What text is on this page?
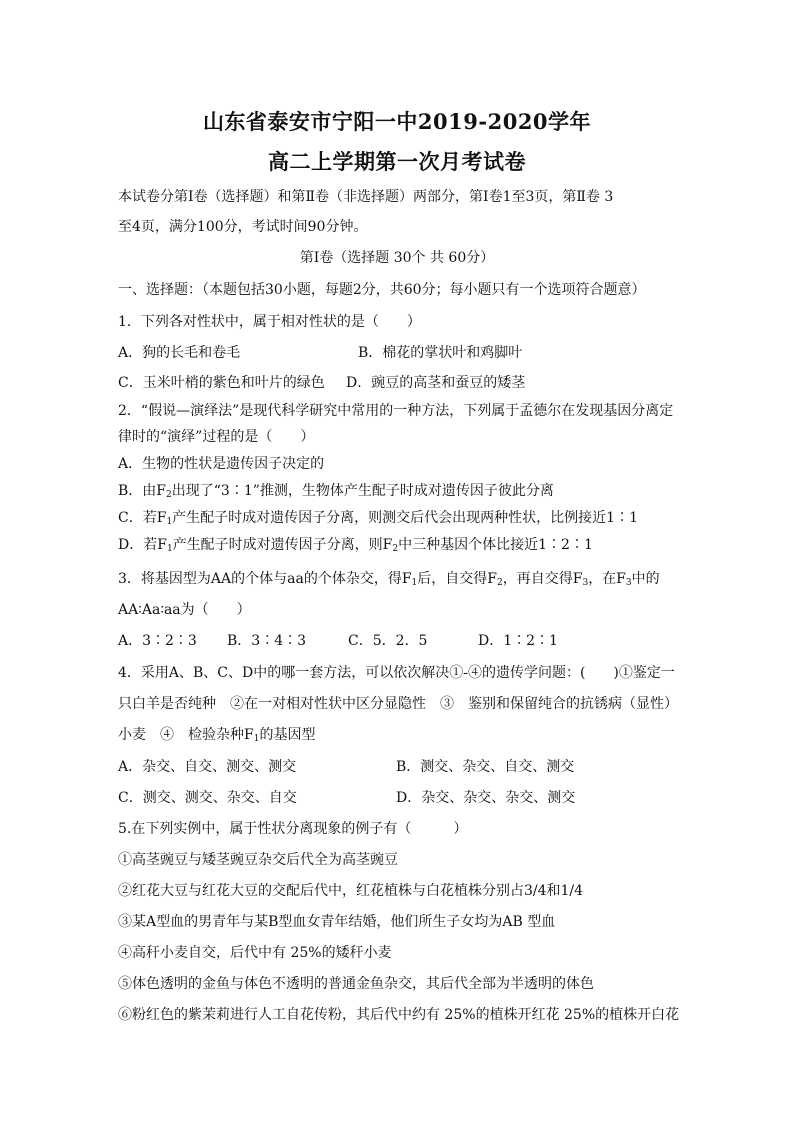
山东省泰安市宁阳一中2019-2020学年
高二上学期第一次月考试卷
本试卷分第Ⅰ卷（选择题）和第Ⅱ卷（非选择题）两部分，第Ⅰ卷1至3页，第Ⅱ卷 3
至4页，满分100分，考试时间90分钟。
第Ⅰ卷（选择题 30个 共 60分）
一、选择题：（本题包括30小题，每题2分，共60分；每小题只有一个选项符合题意）
1．下列各对性状中，属于相对性状的是（　　）
A．狗的长毛和卷毛	B．棉花的掌状叶和鸡脚叶
C．玉米叶梢的紫色和叶片的绿色 D．豌豆的高茎和蚕豆的矮茎
2．“假说—演绎法”是现代科学研究中常用的一种方法，下列属于孟德尔在发现基因分离定
律时的“演绎”过程的是（　　）
A．生物的性状是遗传因子决定的
B．由$F_2$出现了“3∶1”推测，生物体产生配子时成对遗传因子彼此分离
C．若$F_1$产生配子时成对遗传因子分离，则测交后代会出现两种性状，比例接近1∶1
D．若$F_1$产生配子时成对遗传因子分离，则$F_2$中三种基因个体比接近1∶2∶1
3．将基因型为AA的个体与aa的个体杂交，得$F_1$后，自交得$F_2$，再自交得$F_3$，在$F_3$中的
AA∶Aa∶aa为（　　）
A．3∶2∶3 B．3∶4∶3	C．5．2．5	D．1∶2∶1
4．采用A、B、C、D中的哪一套方法，可以依次解决①-④的遗传学问题：(　　)①鉴定一
只白羊是否纯种　②在一对相对性状中区分显隐性　③　鉴别和保留纯合的抗锈病（显性）
小麦　④　检验杂种$F_1$的基因型
A．杂交、自交、测交、测交	B．测交、杂交、自交、测交
C．测交、测交、杂交、自交	D．杂交、杂交、杂交、测交
5.在下列实例中，属于性状分离现象的例子有（　　　）
①高茎豌豆与矮茎豌豆杂交后代全为高茎豌豆
②红花大豆与红花大豆的交配后代中，红花植株与白花植株分别占3/4和1/4
③某A型血的男青年与某B型血女青年结婚，他们所生子女均为AB 型血
④高秆小麦自交，后代中有 25%的矮秆小麦
⑤体色透明的金鱼与体色不透明的普通金鱼杂交，其后代全部为半透明的体色
⑥粉红色的紫茉莉进行人工自花传粉，其后代中约有 25%的植株开红花 25%的植株开白花
